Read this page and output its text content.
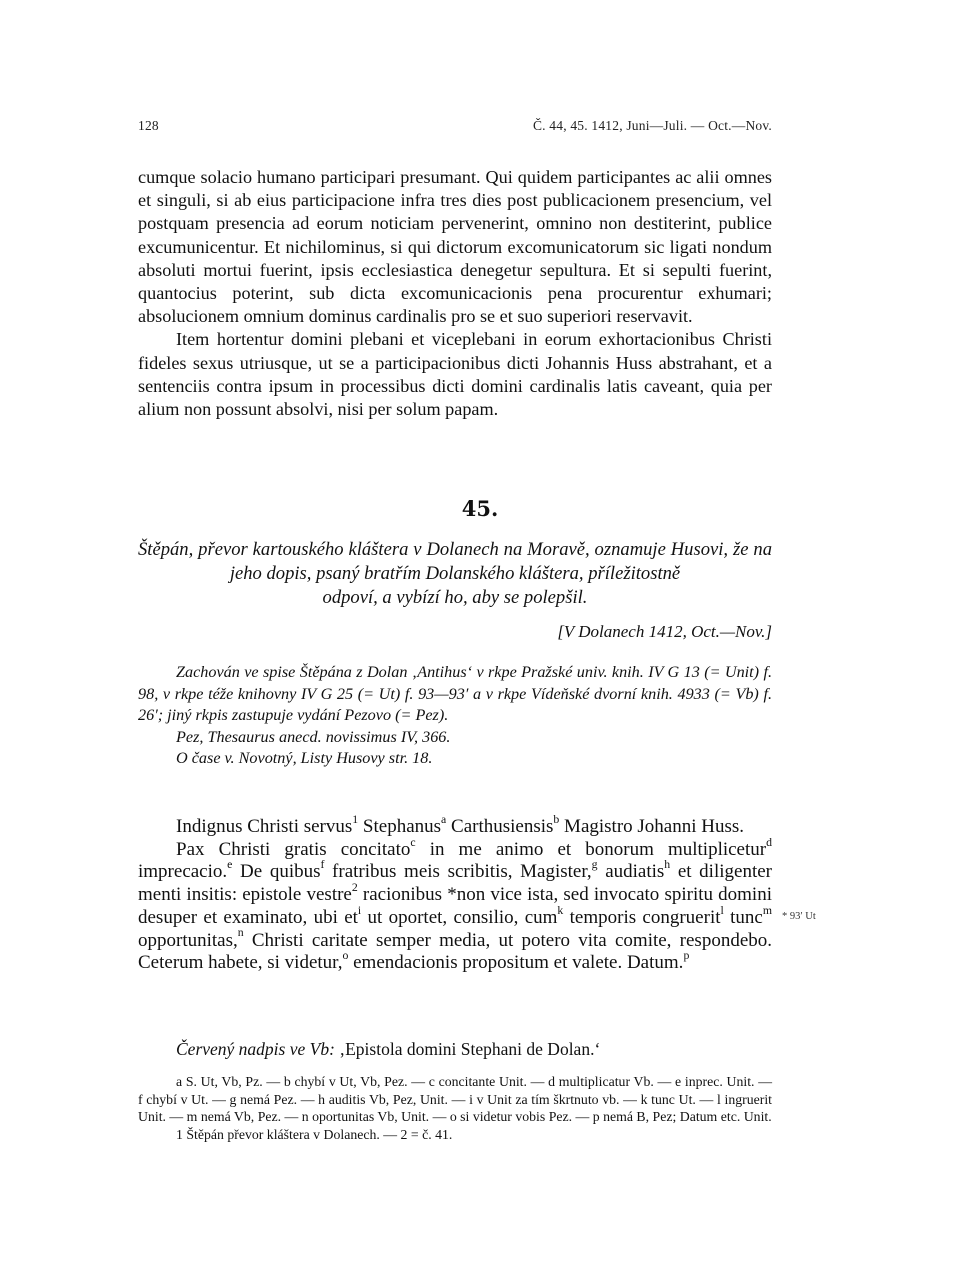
128	Č. 44, 45. 1412, Juni—Juli. — Oct.—Nov.

cumque solacio humano participari presumant. Qui quidem participantes ac alii omnes et singuli, si ab eius participacione infra tres dies post publicacionem presencium, vel postquam presencia ad eorum noticiam pervenerint, omnino non destiterint, publice excumunicentur. Et nichilominus, si qui dictorum excomunicatorum sic ligati nondum absoluti mortui fuerint, ipsis ecclesiastica denegetur sepultura. Et si sepulti fuerint, quantocius poterint, sub dicta excomunicacionis pena procurentur exhumari; absolucionem omnium dominus cardinalis pro se et suo superiori reservavit.

Item hortentur domini plebani et viceplebani in eorum exhortacionibus Christi fideles sexus utriusque, ut se a participacionibus dicti Johannis Huss abstrahant, et a sentenciis contra ipsum in processibus dicti domini cardinalis latis caveant, quia per alium non possunt absolvi, nisi per solum papam.

45.

Štěpán, převor kartouského kláštera v Dolanech na Moravě, oznamuje Husovi, že na jeho dopis, psaný bratřím Dolanského kláštera, příležitostně

odpoví, a vybízí ho, aby se polepšil.

[V Dolanech 1412, Oct.—Nov.]

Zachován ve spise Štěpána z Dolan ‚Antihus‘ v rkpe Pražské univ. knih. IV G 13 (= Unit) f. 98, v rkpe téže knihovny IV G 25 (= Ut) f. 93—93′ a v rkpe Vídeňské dvorní knih. 4933 (= Vb) f. 26′; jiný rkpis zastupuje vydání Pezovo (= Pez).

Pez, Thesaurus anecd. novissimus IV, 366.

O čase v. Novotný, Listy Husovy str. 18.

Indignus Christi servus$^1$ Stephanus$^a$ Carthusiensis$^b$ Magistro Johanni Huss.

Pax Christi gratis concitato$^c$ in me animo et bonorum multiplicetur$^d$ imprecacio.$^e$ De quibus$^f$ fratribus meis scribitis, Magister,$^g$ audiatis$^h$ et diligenter menti insitis: epistole vestre$^2$ racionibus *non vice ista, sed invocato spiritu domini desuper et examinato, ubi $et^i$ ut oportet, consilio, cum$^k$ temporis congruerit$^l$ tunc$^m$ opportunitas,$^n$ Christi caritate semper media, ut potero vita comite, respondebo. Ceterum habete, si videtur,$^o$ emendacionis propositum et valete. Datum.$^p$

* 93′ Ut
Červený nadpis ve Vb: ‚Epistola domini Stephani de Dolan.‘

a S. Ut, Vb, Pz. — b chybí v Ut, Vb, Pez. — c concitante Unit. — d multiplicatur Vb. — e inprec. Unit. — f chybí v Ut. — g nemá Pez. — h auditis Vb, Pez, Unit. — i v Unit za tím škrtnuto vb. — k tunc Ut. — l ingruerit Unit. — m nemá Vb, Pez. — n oportunitas Vb, Unit. — o si videtur vobis Pez. — p nemá B, Pez; Datum etc. Unit.

1 Štěpán převor kláštera v Dolanech. — 2 = č. 41.
